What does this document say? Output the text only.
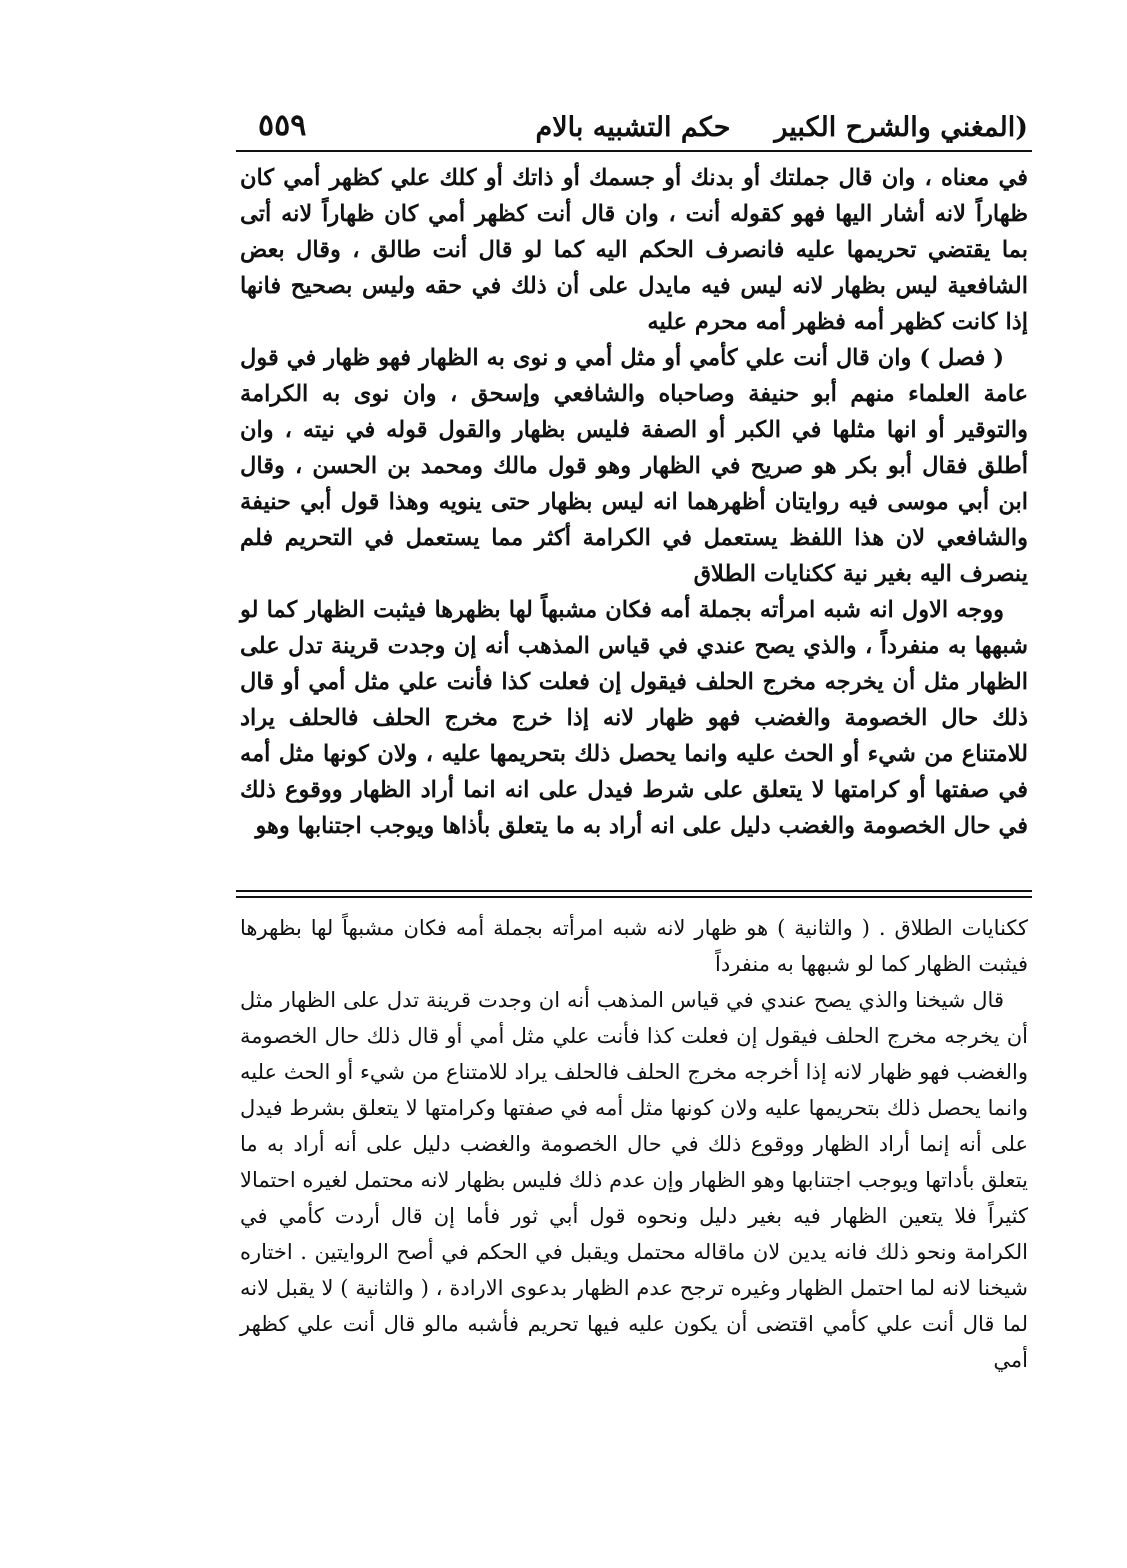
(المغني والشرح الكبير
حكم التشبيه بالام
٥٥٩

في معناه ، وان قال جملتك أو بدنك أو جسمك أو ذاتك أو كلك علي كظهر أمي كان ظهاراً لانه أشار اليها فهو كقوله أنت ، وان قال أنت كظهر أمي كان ظهاراً لانه أتى بما يقتضي تحريمها عليه فانصرف الحكم اليه كما لو قال أنت طالق ، وقال بعض الشافعية ليس بظهار لانه ليس فيه مايدل على أن ذلك في حقه وليس بصحيح فانها إذا كانت كظهر أمه فظهر أمه محرم عليه

( فصل ) وان قال أنت علي كأمي أو مثل أمي و نوى به الظهار فهو ظهار في قول عامة العلماء منهم أبو حنيفة وصاحباه والشافعي وإسحق ، وان نوى به الكرامة والتوقير أو انها مثلها في الكبر أو الصفة فليس بظهار والقول قوله في نيته ، وان أطلق فقال أبو بكر هو صريح في الظهار وهو قول مالك ومحمد بن الحسن ، وقال ابن أبي موسى فيه روايتان أظهرهما انه ليس بظهار حتى ينويه وهذا قول أبي حنيفة والشافعي لان هذا اللفظ يستعمل في الكرامة أكثر مما يستعمل في التحريم فلم ينصرف اليه بغير نية ككنايات الطلاق

ووجه الاول انه شبه امرأته بجملة أمه فكان مشبهاً لها بظهرها فيثبت الظهار كما لو شبهها به منفرداً ، والذي يصح عندي في قياس المذهب أنه إن وجدت قرينة تدل على الظهار مثل أن يخرجه مخرج الحلف فيقول إن فعلت كذا فأنت علي مثل أمي أو قال ذلك حال الخصومة والغضب فهو ظهار لانه إذا خرج مخرج الحلف فالحلف يراد للامتناع من شيء أو الحث عليه وانما يحصل ذلك بتحريمها عليه ، ولان كونها مثل أمه في صفتها أو كرامتها لا يتعلق على شرط فيدل على انه انما أراد الظهار ووقوع ذلك في حال الخصومة والغضب دليل على انه أراد به ما يتعلق بأذاها ويوجب اجتنابها وهو

ككنايات الطلاق . ( والثانية ) هو ظهار لانه شبه امرأته بجملة أمه فكان مشبهاً لها بظهرها فيثبت الظهار كما لو شبهها به منفرداً

قال شيخنا والذي يصح عندي في قياس المذهب أنه ان وجدت قرينة تدل على الظهار مثل أن يخرجه مخرج الحلف فيقول إن فعلت كذا فأنت علي مثل أمي أو قال ذلك حال الخصومة والغضب فهو ظهار لانه إذا أخرجه مخرج الحلف فالحلف يراد للامتناع من شيء أو الحث عليه وانما يحصل ذلك بتحريمها عليه ولان كونها مثل أمه في صفتها وكرامتها لا يتعلق بشرط فيدل على أنه إنما أراد الظهار ووقوع ذلك في حال الخصومة والغضب دليل على أنه أراد به ما يتعلق بأداتها ويوجب اجتنابها وهو الظهار وإن عدم ذلك فليس بظهار لانه محتمل لغيره احتمالا كثيراً فلا يتعين الظهار فيه بغير دليل ونحوه قول أبي ثور فأما إن قال أردت كأمي في الكرامة ونحو ذلك فانه يدين لان ماقاله محتمل ويقبل في الحكم في أصح الروايتين . اختاره شيخنا لانه لما احتمل الظهار وغيره ترجح عدم الظهار بدعوى الارادة ، ( والثانية ) لا يقبل لانه لما قال أنت علي كأمي اقتضى أن يكون عليه فيها تحريم فأشبه مالو قال أنت علي كظهر أمي
